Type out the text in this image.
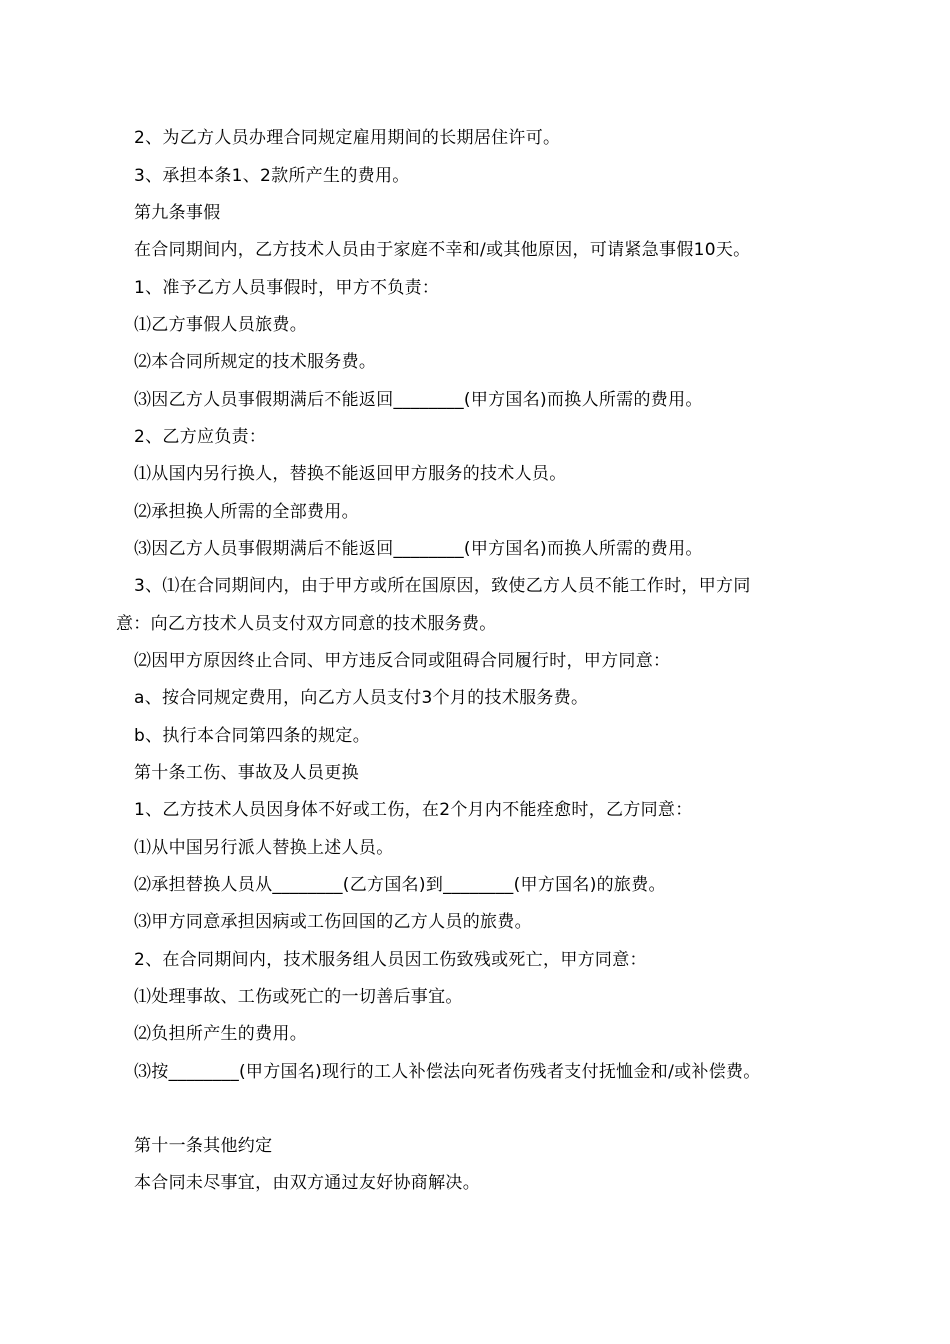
2、为乙方人员办理合同规定雇用期间的长期居住许可。
3、承担本条1、2款所产生的费用。
第九条事假
在合同期间内，乙方技术人员由于家庭不幸和/或其他原因，可请紧急事假10天。
1、准予乙方人员事假时，甲方不负责：
⑴乙方事假人员旅费。
⑵本合同所规定的技术服务费。
⑶因乙方人员事假期满后不能返回________(甲方国名)而换人所需的费用。
2、乙方应负责：
⑴从国内另行换人，替换不能返回甲方服务的技术人员。
⑵承担换人所需的全部费用。
⑶因乙方人员事假期满后不能返回________(甲方国名)而换人所需的费用。
3、⑴在合同期间内，由于甲方或所在国原因，致使乙方人员不能工作时，甲方同
意：向乙方技术人员支付双方同意的技术服务费。
⑵因甲方原因终止合同、甲方违反合同或阻碍合同履行时，甲方同意：
a、按合同规定费用，向乙方人员支付3个月的技术服务费。
b、执行本合同第四条的规定。
第十条工伤、事故及人员更换
1、乙方技术人员因身体不好或工伤，在2个月内不能痊愈时，乙方同意：
⑴从中国另行派人替换上述人员。
⑵承担替换人员从________(乙方国名)到________(甲方国名)的旅费。
⑶甲方同意承担因病或工伤回国的乙方人员的旅费。
2、在合同期间内，技术服务组人员因工伤致残或死亡，甲方同意：
⑴处理事故、工伤或死亡的一切善后事宜。
⑵负担所产生的费用。
⑶按________(甲方国名)现行的工人补偿法向死者伤残者支付抚恤金和/或补偿费。
第十一条其他约定
本合同未尽事宜，由双方通过友好协商解决。
